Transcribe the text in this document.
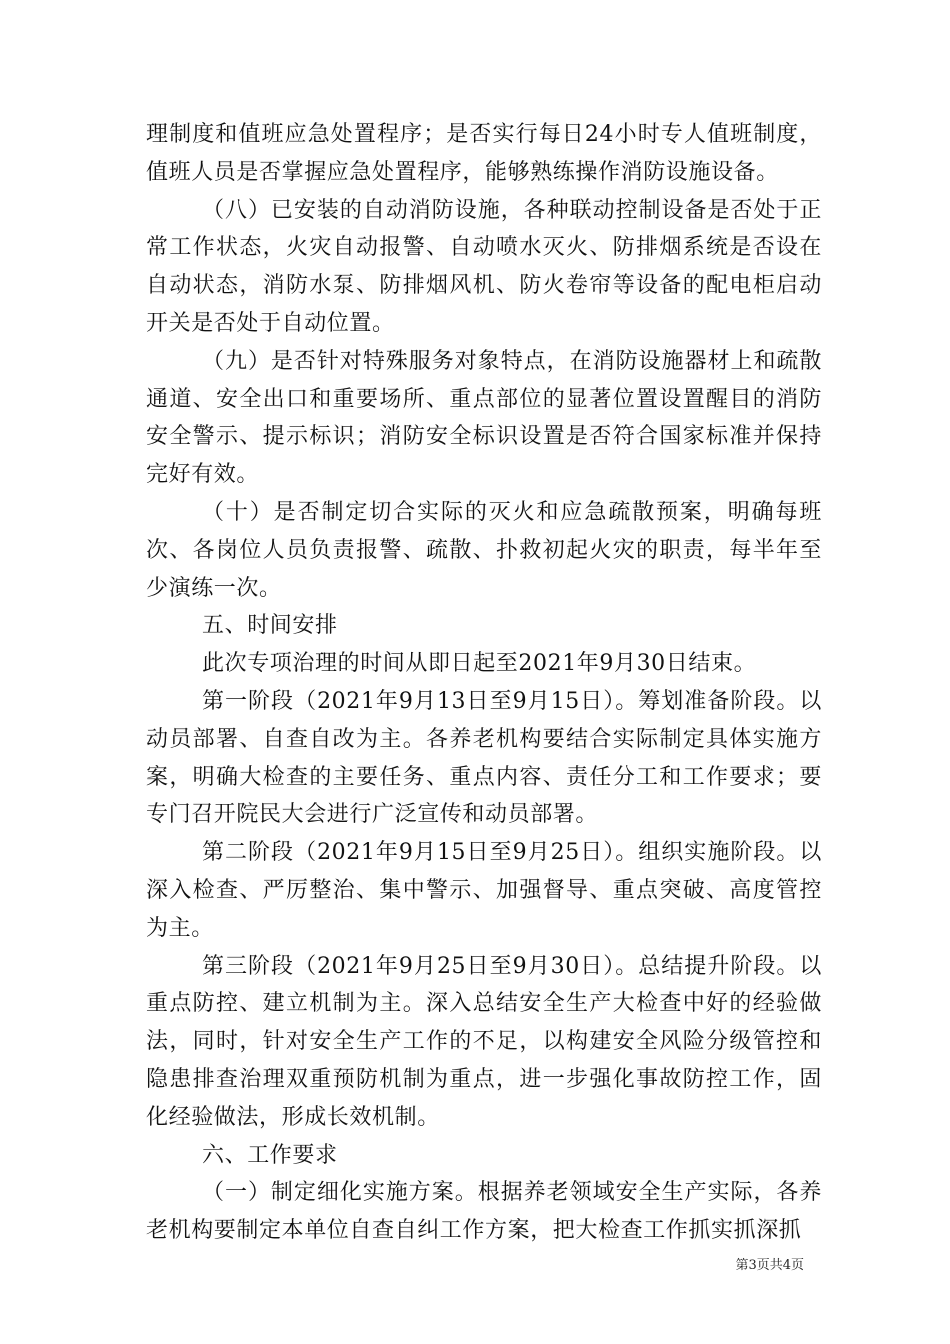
理制度和值班应急处置程序；是否实行每日24小时专人值班制度，值班人员是否掌握应急处置程序，能够熟练操作消防设施设备。

（八）已安装的自动消防设施，各种联动控制设备是否处于正常工作状态，火灾自动报警、自动喷水灭火、防排烟系统是否设在自动状态，消防水泵、防排烟风机、防火卷帘等设备的配电柜启动开关是否处于自动位置。

（九）是否针对特殊服务对象特点，在消防设施器材上和疏散通道、安全出口和重要场所、重点部位的显著位置设置醒目的消防安全警示、提示标识；消防安全标识设置是否符合国家标准并保持完好有效。

（十）是否制定切合实际的灭火和应急疏散预案，明确每班次、各岗位人员负责报警、疏散、扑救初起火灾的职责，每半年至少演练一次。

五、时间安排

此次专项治理的时间从即日起至2021年9月30日结束。

第一阶段（2021年9月13日至9月15日）。筹划准备阶段。以动员部署、自查自改为主。各养老机构要结合实际制定具体实施方案，明确大检查的主要任务、重点内容、责任分工和工作要求；要专门召开院民大会进行广泛宣传和动员部署。

第二阶段（2021年9月15日至9月25日）。组织实施阶段。以深入检查、严厉整治、集中警示、加强督导、重点突破、高度管控为主。

第三阶段（2021年9月25日至9月30日）。总结提升阶段。以重点防控、建立机制为主。深入总结安全生产大检查中好的经验做法，同时，针对安全生产工作的不足，以构建安全风险分级管控和隐患排查治理双重预防机制为重点，进一步强化事故防控工作，固化经验做法，形成长效机制。

六、工作要求

（一）制定细化实施方案。根据养老领域安全生产实际，各养老机构要制定本单位自查自纠工作方案，把大检查工作抓实抓深抓

第3页共4页
